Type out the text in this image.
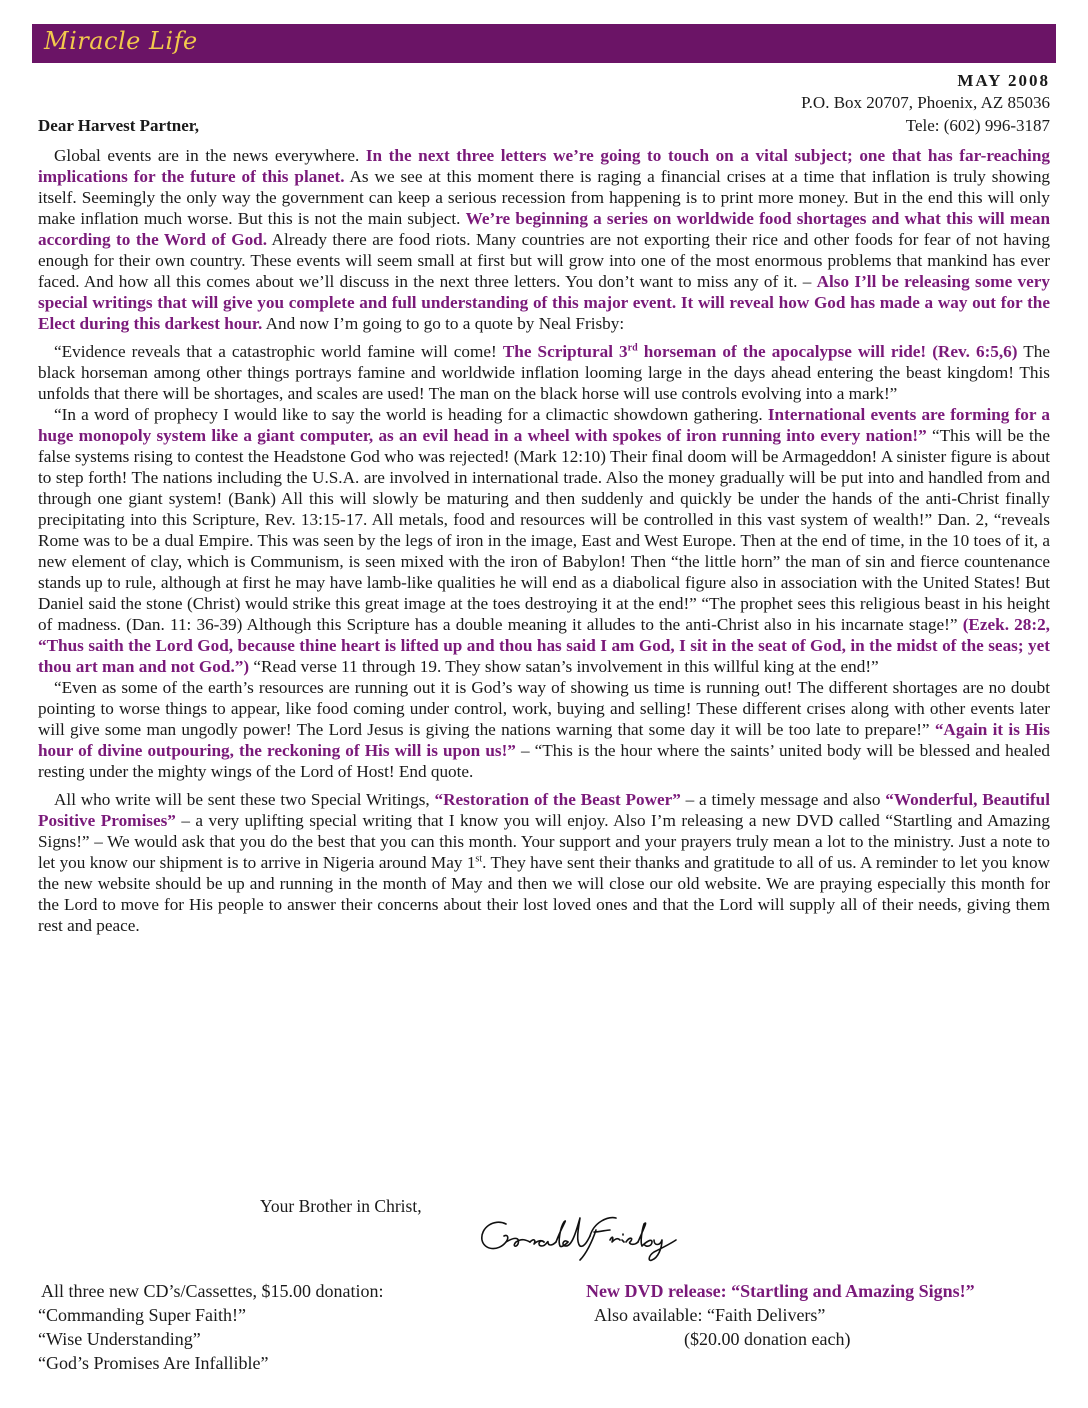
Miracle Life
MAY 2008
P.O. Box 20707, Phoenix, AZ 85036
Tele: (602) 996-3187
Dear Harvest Partner,

Global events are in the news everywhere. In the next three letters we’re going to touch on a vital subject; one that has far-reaching implications for the future of this planet. As we see at this moment there is raging a financial crises at a time that inflation is truly showing itself. Seemingly the only way the government can keep a serious recession from happening is to print more money. But in the end this will only make inflation much worse. But this is not the main subject. We’re beginning a series on worldwide food shortages and what this will mean according to the Word of God. Already there are food riots. Many countries are not exporting their rice and other foods for fear of not having enough for their own country. These events will seem small at first but will grow into one of the most enormous problems that mankind has ever faced. And how all this comes about we’ll discuss in the next three letters. You don’t want to miss any of it. – Also I’ll be releasing some very special writings that will give you complete and full understanding of this major event. It will reveal how God has made a way out for the Elect during this darkest hour. And now I’m going to go to a quote by Neal Frisby:

“Evidence reveals that a catastrophic world famine will come! The Scriptural 3rd horseman of the apocalypse will ride! (Rev. 6:5,6) The black horseman among other things portrays famine and worldwide inflation looming large in the days ahead entering the beast kingdom! This unfolds that there will be shortages, and scales are used! The man on the black horse will use controls evolving into a mark!”

“In a word of prophecy I would like to say the world is heading for a climactic showdown gathering. International events are forming for a huge monopoly system like a giant computer, as an evil head in a wheel with spokes of iron running into every nation!” “This will be the false systems rising to contest the Headstone God who was rejected! (Mark 12:10) Their final doom will be Armageddon! A sinister figure is about to step forth! The nations including the U.S.A. are involved in international trade. Also the money gradually will be put into and handled from and through one giant system! (Bank) All this will slowly be maturing and then suddenly and quickly be under the hands of the anti-Christ finally precipitating into this Scripture, Rev. 13:15-17. All metals, food and resources will be controlled in this vast system of wealth!” Dan. 2, “reveals Rome was to be a dual Empire. This was seen by the legs of iron in the image, East and West Europe. Then at the end of time, in the 10 toes of it, a new element of clay, which is Communism, is seen mixed with the iron of Babylon! Then “the little horn” the man of sin and fierce countenance stands up to rule, although at first he may have lamb-like qualities he will end as a diabolical figure also in association with the United States! But Daniel said the stone (Christ) would strike this great image at the toes destroying it at the end!” “The prophet sees this religious beast in his height of madness. (Dan. 11: 36-39) Although this Scripture has a double meaning it alludes to the anti-Christ also in his incarnate stage!” (Ezek. 28:2, “Thus saith the Lord God, because thine heart is lifted up and thou has said I am God, I sit in the seat of God, in the midst of the seas; yet thou art man and not God.”) “Read verse 11 through 19. They show satan’s involvement in this willful king at the end!”

“Even as some of the earth’s resources are running out it is God’s way of showing us time is running out! The different shortages are no doubt pointing to worse things to appear, like food coming under control, work, buying and selling! These different crises along with other events later will give some man ungodly power! The Lord Jesus is giving the nations warning that some day it will be too late to prepare!” “Again it is His hour of divine outpouring, the reckoning of His will is upon us!” – “This is the hour where the saints’ united body will be blessed and healed resting under the mighty wings of the Lord of Host! End quote.

All who write will be sent these two Special Writings, “Restoration of the Beast Power” – a timely message and also “Wonderful, Beautiful Positive Promises” – a very uplifting special writing that I know you will enjoy. Also I’m releasing a new DVD called “Startling and Amazing Signs!” – We would ask that you do the best that you can this month. Your support and your prayers truly mean a lot to the ministry. Just a note to let you know our shipment is to arrive in Nigeria around May 1st. They have sent their thanks and gratitude to all of us. A reminder to let you know the new website should be up and running in the month of May and then we will close our old website. We are praying especially this month for the Lord to move for His people to answer their concerns about their lost loved ones and that the Lord will supply all of their needs, giving them rest and peace.

Your Brother in Christ,
All three new CD’s/Cassettes, $15.00 donation:
“Commanding Super Faith!”
“Wise Understanding”
“God’s Promises Are Infallible”
New DVD release: “Startling and Amazing Signs!”
Also available: “Faith Delivers”
($20.00 donation each)
